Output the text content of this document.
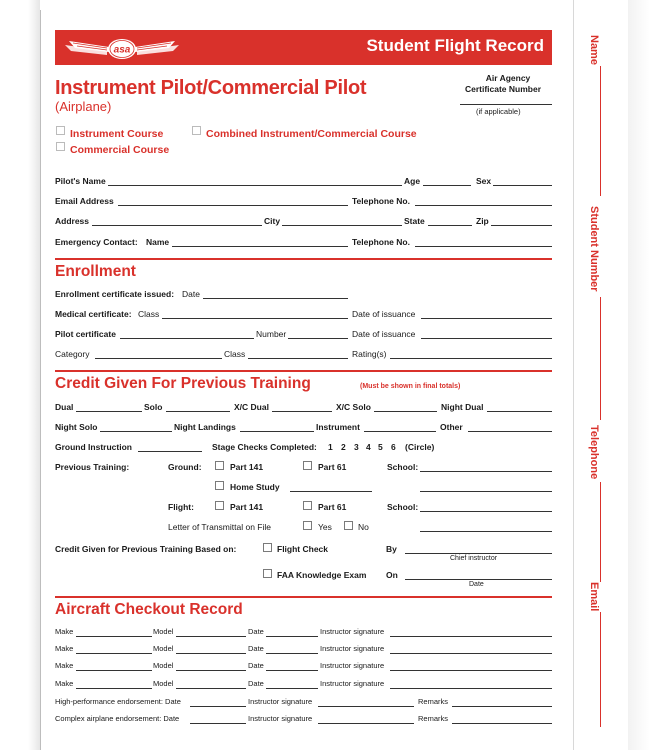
Name
Student Number
Telephone
Email
asa	Student Flight Record
Instrument Pilot/Commercial Pilot
(Airplane)
Air Agency
Certificate Number
(if applicable)
Instrument Course	Combined Instrument/Commercial Course
Commercial Course
Pilot's Name	Age	Sex
Email Address	Telephone No.
Address	City	State	Zip
Emergency Contact: Name	Telephone No.
Enrollment
Enrollment certificate issued: Date
Medical certificate: Class	Date of issuance
Pilot certificate	Number	Date of issuance
Category	Class	Rating(s)
Credit Given For Previous Training	(Must be shown in final totals)
Dual	Solo	X/C Dual	X/C Solo	Night Dual
Night Solo	Night Landings	Instrument	Other
Ground Instruction	Stage Checks Completed: 1 2 3 4 5 6 (Circle)
Previous Training:	Ground:	Part 141	Part 61	School:
Home Study
Flight:	Part 141	Part 61	School:
Letter of Transmittal on File	Yes	No
Credit Given for Previous Training Based on:	Flight Check	By
Chief instructor
FAA Knowledge Exam On
Date
Aircraft Checkout Record
Make	Model	Date	Instructor signature
Make	Model	Date	Instructor signature
Make	Model	Date	Instructor signature
Make	Model	Date	Instructor signature
High-performance endorsement: Date	Instructor signature	Remarks
Complex airplane endorsement: Date	Instructor signature	Remarks
